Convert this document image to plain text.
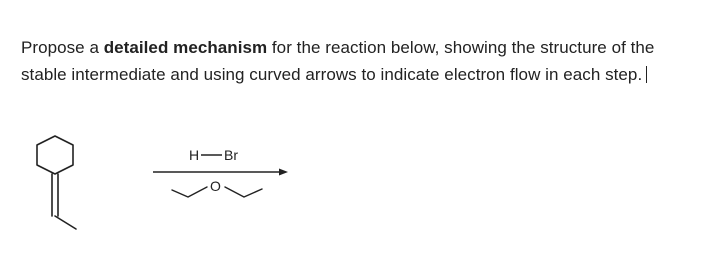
Propose a detailed mechanism for the reaction below, showing the structure of the stable intermediate and using curved arrows to indicate electron flow in each step.
H Br
O
